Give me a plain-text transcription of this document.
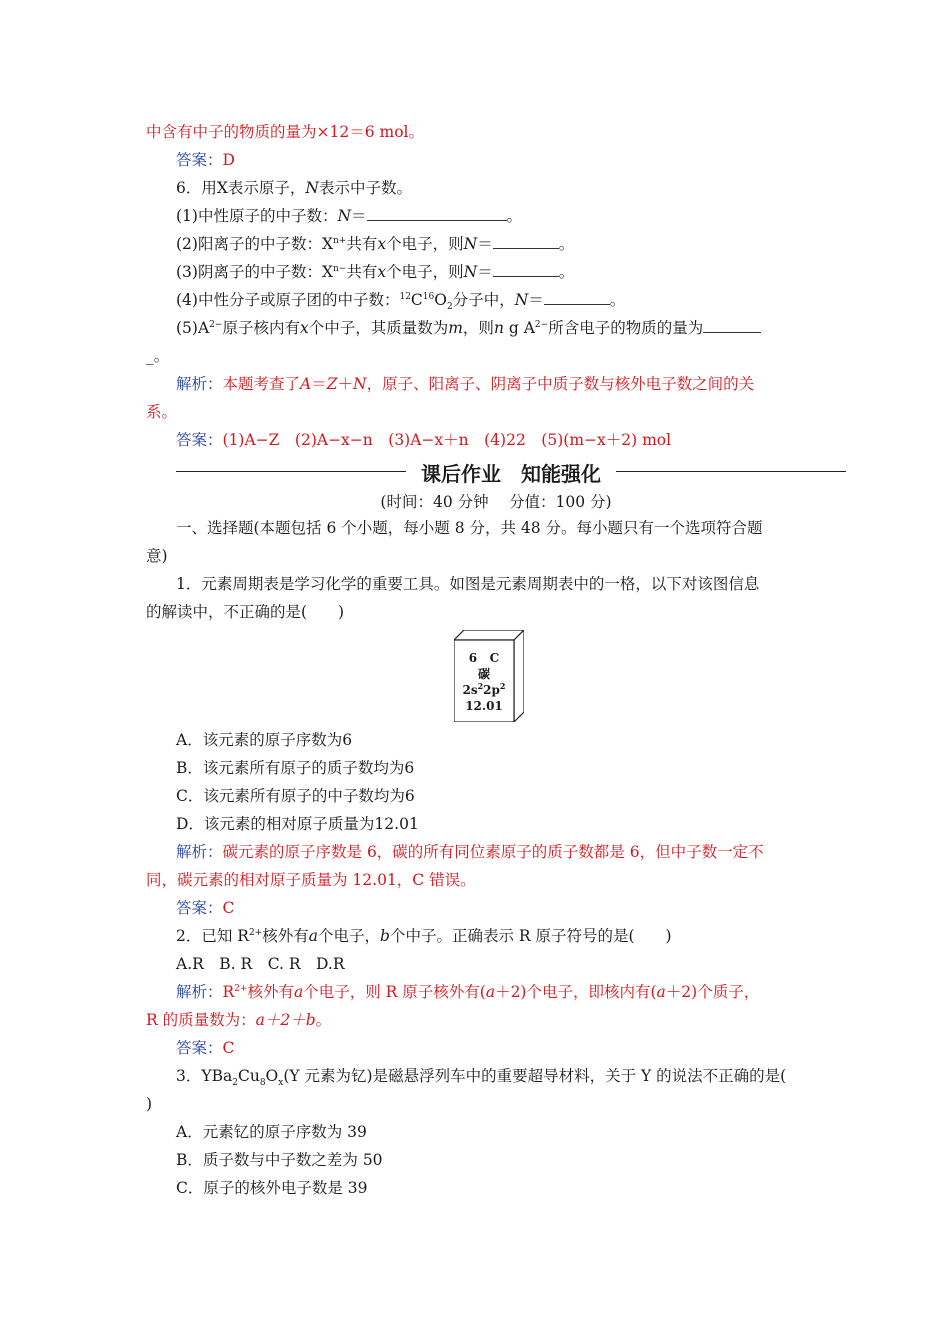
中含有中子的物质的量为×12＝6 mol。
答案：D
6．用X表示原子，N表示中子数。
(1)中性原子的中子数：N＝	。
(2)阳离子的中子数：$X^{n+}$共有x个电子，则N＝	。
(3)阴离子的中子数：$X^{n-}$共有x个电子，则N＝	。
(4)中性分子或原子团的中子数：$^{12}C^{16}O_2$分子中，N＝	。
$(5)A^{2-}$原子核内有x个中子，其质量数为m，则n g $A^{2-}$所含电子的物质的量为
_。
解析：本题考查了A＝Z＋N，原子、阳离子、阴离子中质子数与核外电子数之间的关
系。
答案：(1)A−Z　(2)A−x−n　(3)A−x＋n　(4)22　(5)(m−x＋2) mol
课后作业　知能强化
(时间：40 分钟　 分值：100 分)
一、选择题(本题包括 6 个小题，每小题 8 分，共 48 分。每小题只有一个选项符合题
意)
1．元素周期表是学习化学的重要工具。如图是元素周期表中的一格，以下对该图信息
的解读中，不正确的是(　　)
6 C
碳
$2s^22p^2$
12.01
A．该元素的原子序数为6
B．该元素所有原子的质子数均为6
C．该元素所有原子的中子数均为6
D．该元素的相对原子质量为12.01
解析：碳元素的原子序数是 6，碳的所有同位素原子的质子数都是 6，但中子数一定不
同，碳元素的相对原子质量为 12.01，C 错误。
答案：C
2．已知 $R^{2+}$核外有a个电子，b个中子。正确表示 R 原子符号的是(　　)
A.R　B. R　C. R　D.R
解析：$R^{2+}$核外有a个电子，则 R 原子核外有(a＋2)个电子，即核内有(a＋2)个质子，
R 的质量数为：a＋2＋b。
答案：C
3．$YBa_2Cu_8O_x(Y$ 元素为钇)是磁悬浮列车中的重要超导材料，关于 Y 的说法不正确的是(
)
A．元素钇的原子序数为 39
B．质子数与中子数之差为 50
C．原子的核外电子数是 39
